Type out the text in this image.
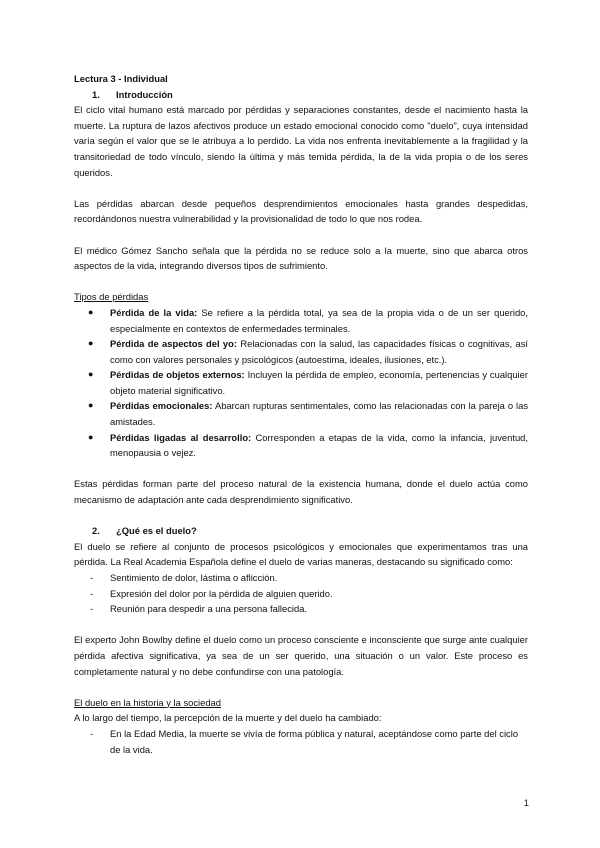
Lectura 3 - Individual

1. Introducción

El ciclo vital humano está marcado por pérdidas y separaciones constantes, desde el nacimiento hasta la muerte. La ruptura de lazos afectivos produce un estado emocional conocido como "duelo", cuya intensidad varía según el valor que se le atribuya a lo perdido. La vida nos enfrenta inevitablemente a la fragilidad y la transitoriedad de todo vínculo, siendo la última y más temida pérdida, la de la vida propia o de los seres queridos.

Las pérdidas abarcan desde pequeños desprendimientos emocionales hasta grandes despedidas, recordándonos nuestra vulnerabilidad y la provisionalidad de todo lo que nos rodea.

El médico Gómez Sancho señala que la pérdida no se reduce solo a la muerte, sino que abarca otros aspectos de la vida, integrando diversos tipos de sufrimiento.

Tipos de pérdidas

● Pérdida de la vida: Se refiere a la pérdida total, ya sea de la propia vida o de un ser querido, especialmente en contextos de enfermedades terminales.
● Pérdida de aspectos del yo: Relacionadas con la salud, las capacidades físicas o cognitivas, así como con valores personales y psicológicos (autoestima, ideales, ilusiones, etc.).
● Pérdidas de objetos externos: Incluyen la pérdida de empleo, economía, pertenencias y cualquier objeto material significativo.
● Pérdidas emocionales: Abarcan rupturas sentimentales, como las relacionadas con la pareja o las amistades.
● Pérdidas ligadas al desarrollo: Corresponden a etapas de la vida, como la infancia, juventud, menopausia o vejez.

Estas pérdidas forman parte del proceso natural de la existencia humana, donde el duelo actúa como mecanismo de adaptación ante cada desprendimiento significativo.

2. ¿Qué es el duelo?

El duelo se refiere al conjunto de procesos psicológicos y emocionales que experimentamos tras una pérdida. La Real Academia Española define el duelo de varias maneras, destacando su significado como:

- Sentimiento de dolor, lástima o aflicción.
- Expresión del dolor por la pérdida de alguien querido.
- Reunión para despedir a una persona fallecida.

El experto John Bowlby define el duelo como un proceso consciente e inconsciente que surge ante cualquier pérdida afectiva significativa, ya sea de un ser querido, una situación o un valor. Este proceso es completamente natural y no debe confundirse con una patología.

El duelo en la historia y la sociedad

A lo largo del tiempo, la percepción de la muerte y del duelo ha cambiado:

- En la Edad Media, la muerte se vivía de forma pública y natural, aceptándose como parte del ciclo de la vida.
1
